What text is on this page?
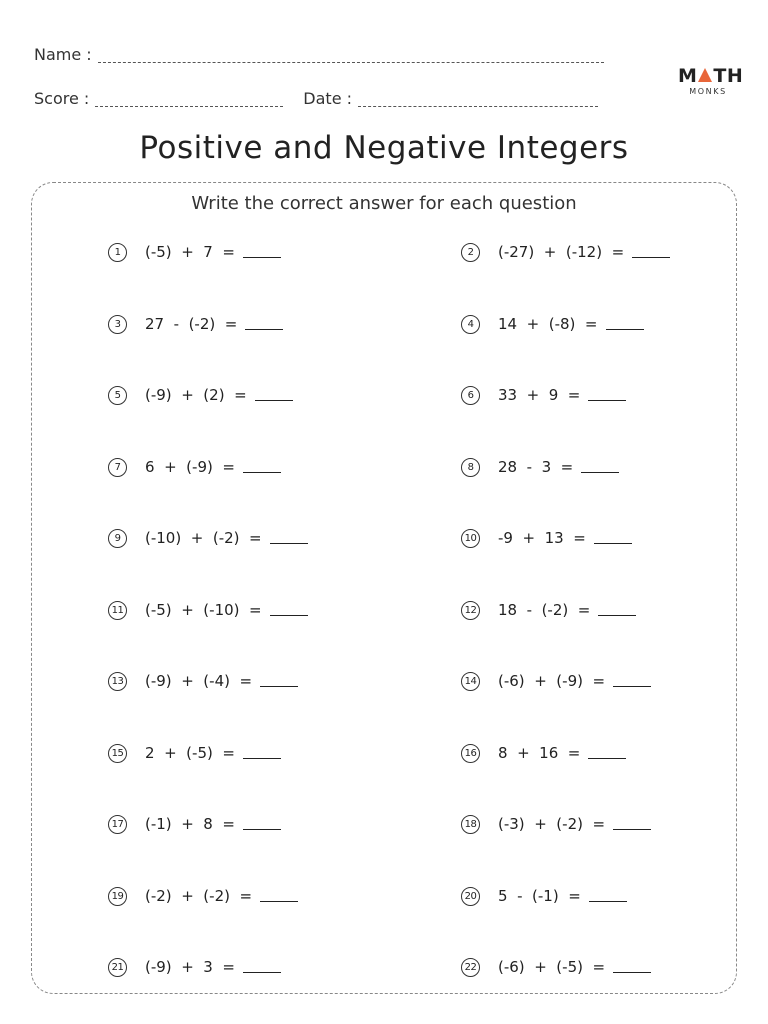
Name :
Score :	Date :
M TH
MONKS
Positive and Negative Integers
Write the correct answer for each question
1	(-5)  +  7  =	2	(-27)  +  (-12)  =
3	27  -  (-2)  =	4	14  +  (-8)  =
5	(-9)  +  (2)  =	6	33  +  9  =
7	6  +  (-9)  =	8	28  -  3  =
9	(-10)  +  (-2)  =	10 -9  +  13  =
11 (-5)  +  (-10)  =	12 18  -  (-2)  =
13 (-9)  +  (-4)  =	14 (-6)  +  (-9)  =
15 2  +  (-5)  =	16 8  +  16  =
17 (-1)  +  8  =	18 (-3)  +  (-2)  =
19 (-2)  +  (-2)  =	20 5  -  (-1)  =
21 (-9)  +  3  =	22 (-6)  +  (-5)  =
